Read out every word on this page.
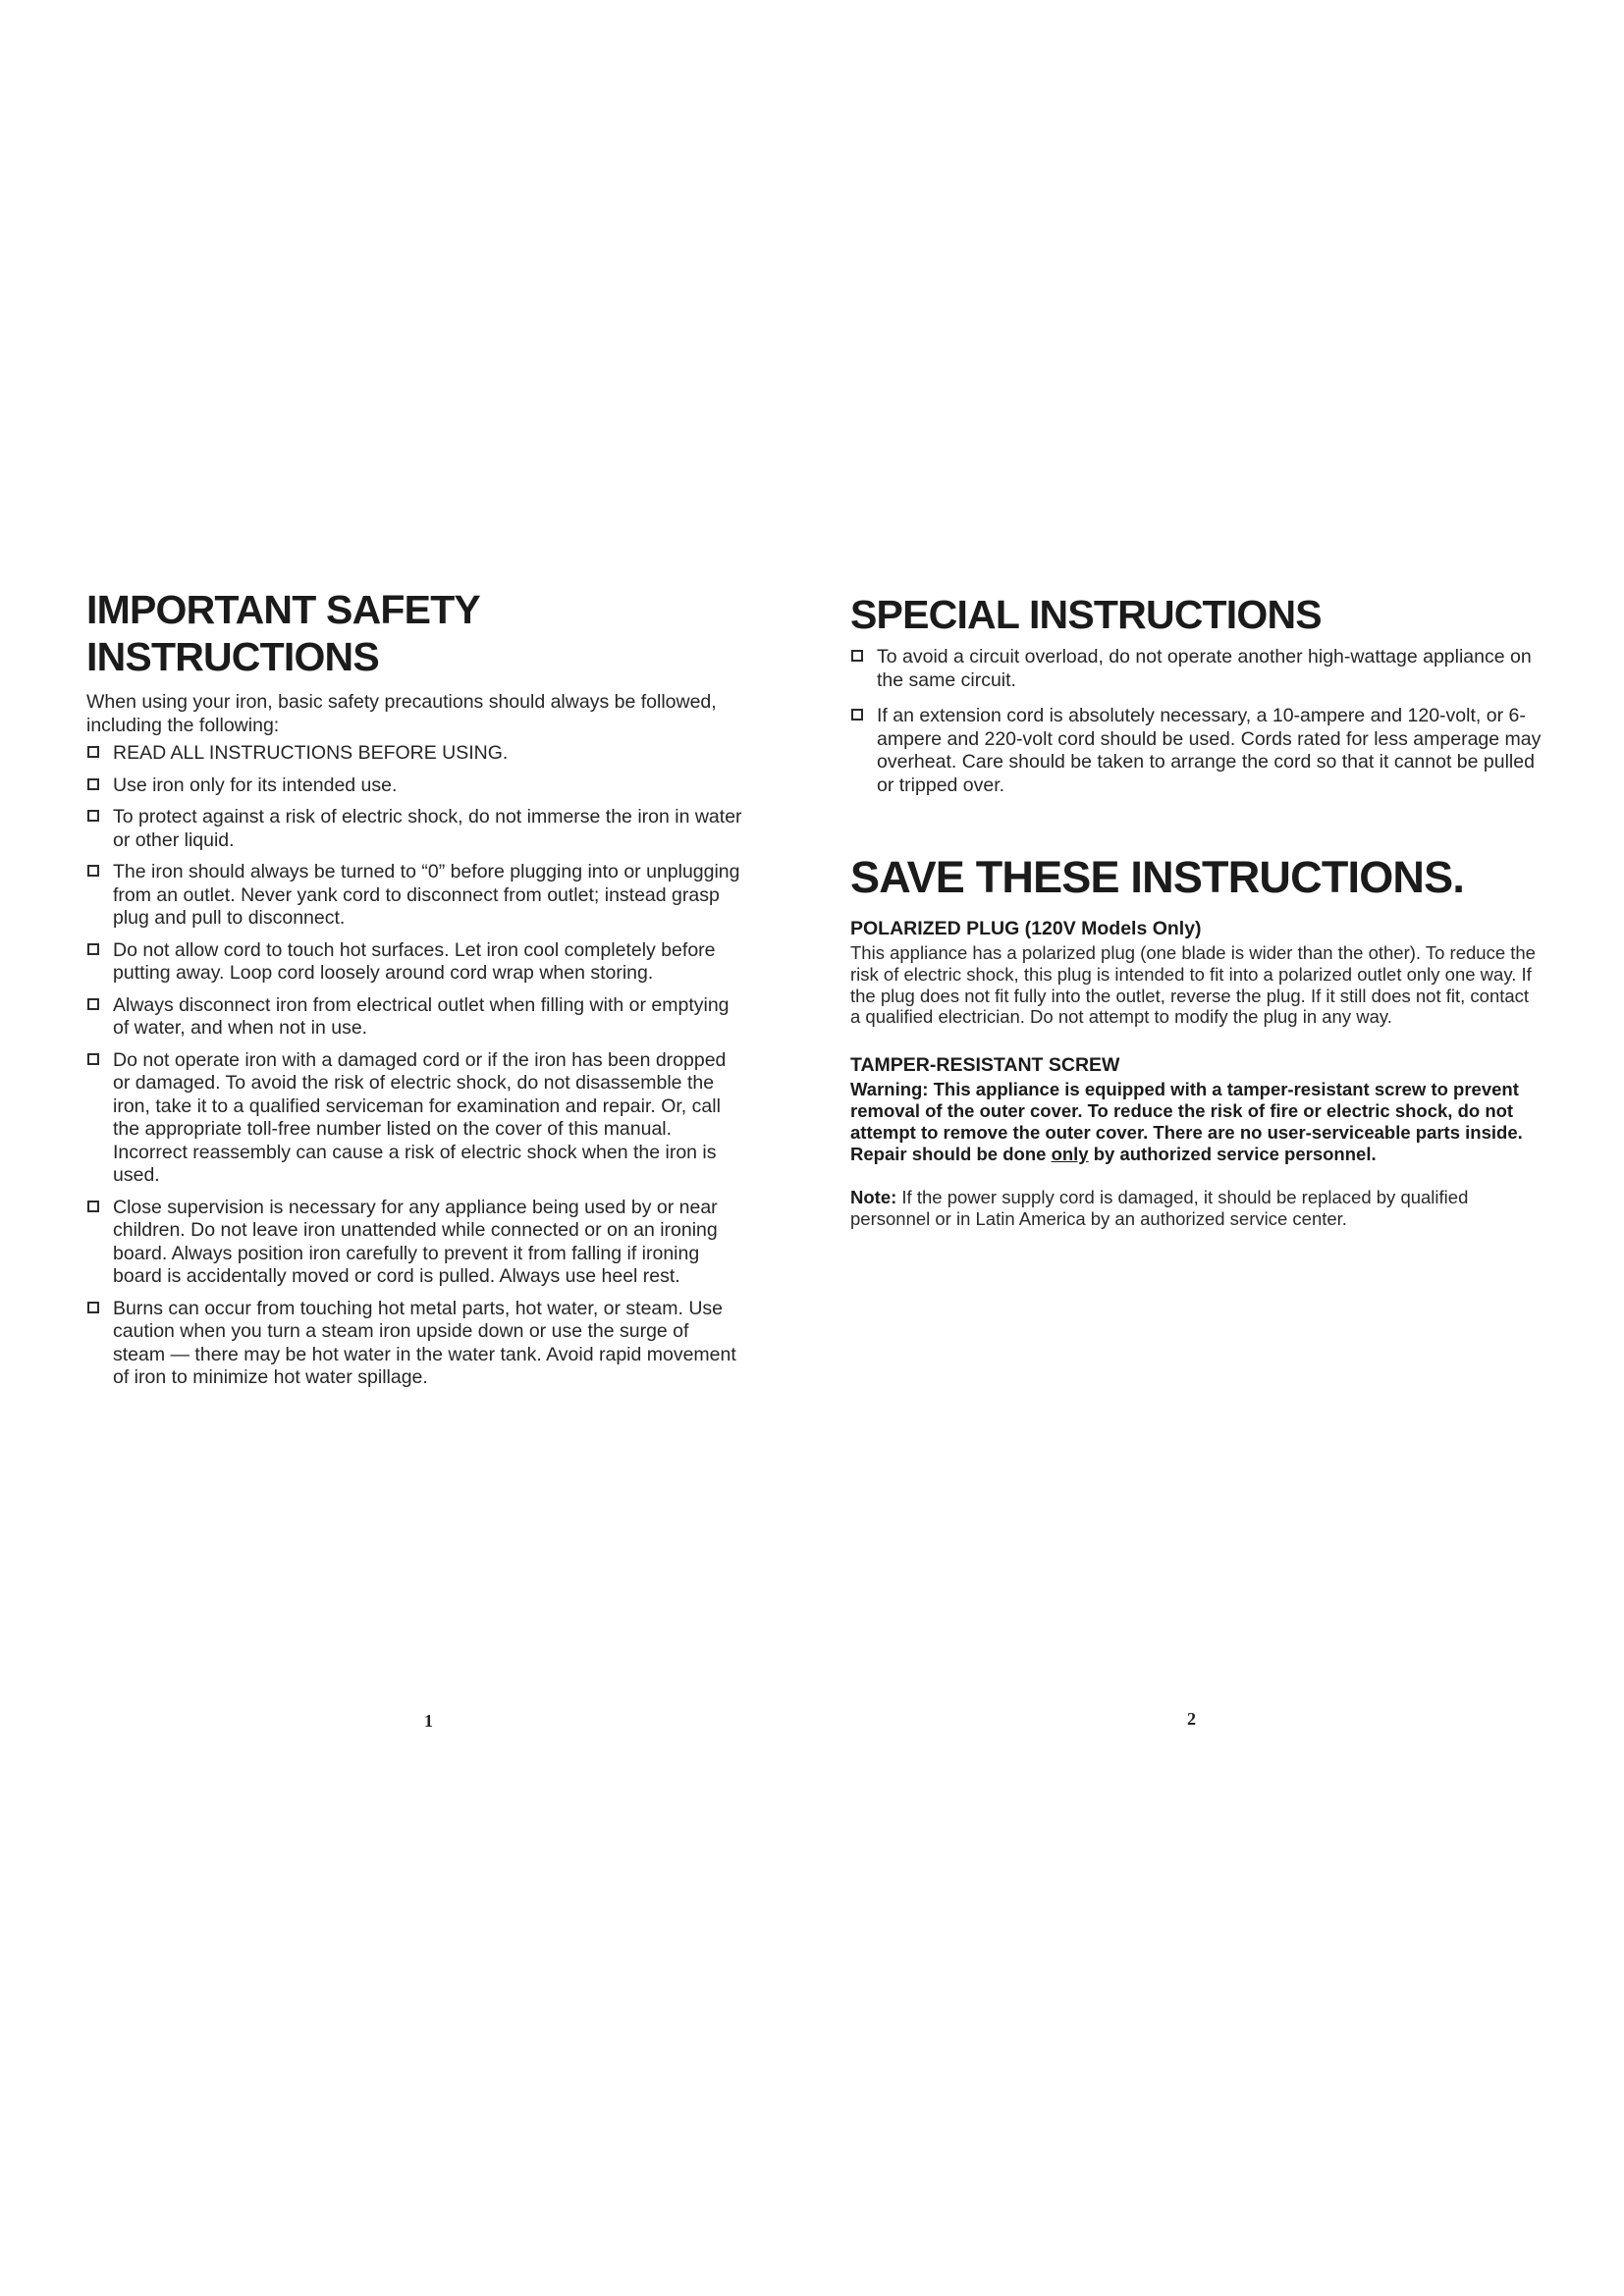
IMPORTANT SAFETY
INSTRUCTIONS

When using your iron, basic safety precautions should always be followed, including the following:

READ ALL INSTRUCTIONS BEFORE USING.
Use iron only for its intended use.
To protect against a risk of electric shock, do not immerse the iron in water or other liquid.
The iron should always be turned to “0” before plugging into or unplugging from an outlet. Never yank cord to disconnect from outlet; instead grasp plug and pull to disconnect.
Do not allow cord to touch hot surfaces. Let iron cool completely before putting away. Loop cord loosely around cord wrap when storing.
Always disconnect iron from electrical outlet when filling with or emptying of water, and when not in use.
Do not operate iron with a damaged cord or if the iron has been dropped or damaged. To avoid the risk of electric shock, do not disassemble the iron, take it to a qualified serviceman for examination and repair. Or, call the appropriate toll-free number listed on the cover of this manual. Incorrect reassembly can cause a risk of electric shock when the iron is used.
Close supervision is necessary for any appliance being used by or near children. Do not leave iron unattended while connected or on an ironing board. Always position iron carefully to prevent it from falling if ironing board is accidentally moved or cord is pulled. Always use heel rest.
Burns can occur from touching hot metal parts, hot water, or steam. Use caution when you turn a steam iron upside down or use the surge of steam — there may be hot water in the water tank. Avoid rapid movement of iron to minimize hot water spillage.
SPECIAL INSTRUCTIONS
To avoid a circuit overload, do not operate another high-wattage appliance on the same circuit.
If an extension cord is absolutely necessary, a 10-ampere and 120-volt, or 6-ampere and 220-volt cord should be used. Cords rated for less amperage may overheat. Care should be taken to arrange the cord so that it cannot be pulled or tripped over.
SAVE THESE INSTRUCTIONS.
POLARIZED PLUG (120V Models Only)

This appliance has a polarized plug (one blade is wider than the other). To reduce the risk of electric shock, this plug is intended to fit into a polarized outlet only one way. If the plug does not fit fully into the outlet, reverse the plug. If it still does not fit, contact a qualified electrician. Do not attempt to modify the plug in any way.

TAMPER-RESISTANT SCREW

Warning: This appliance is equipped with a tamper-resistant screw to prevent removal of the outer cover. To reduce the risk of fire or electric shock, do not attempt to remove the outer cover. There are no user-serviceable parts inside. Repair should be done only by authorized service personnel.

Note: If the power supply cord is damaged, it should be replaced by qualified personnel or in Latin America by an authorized service center.

1	2
